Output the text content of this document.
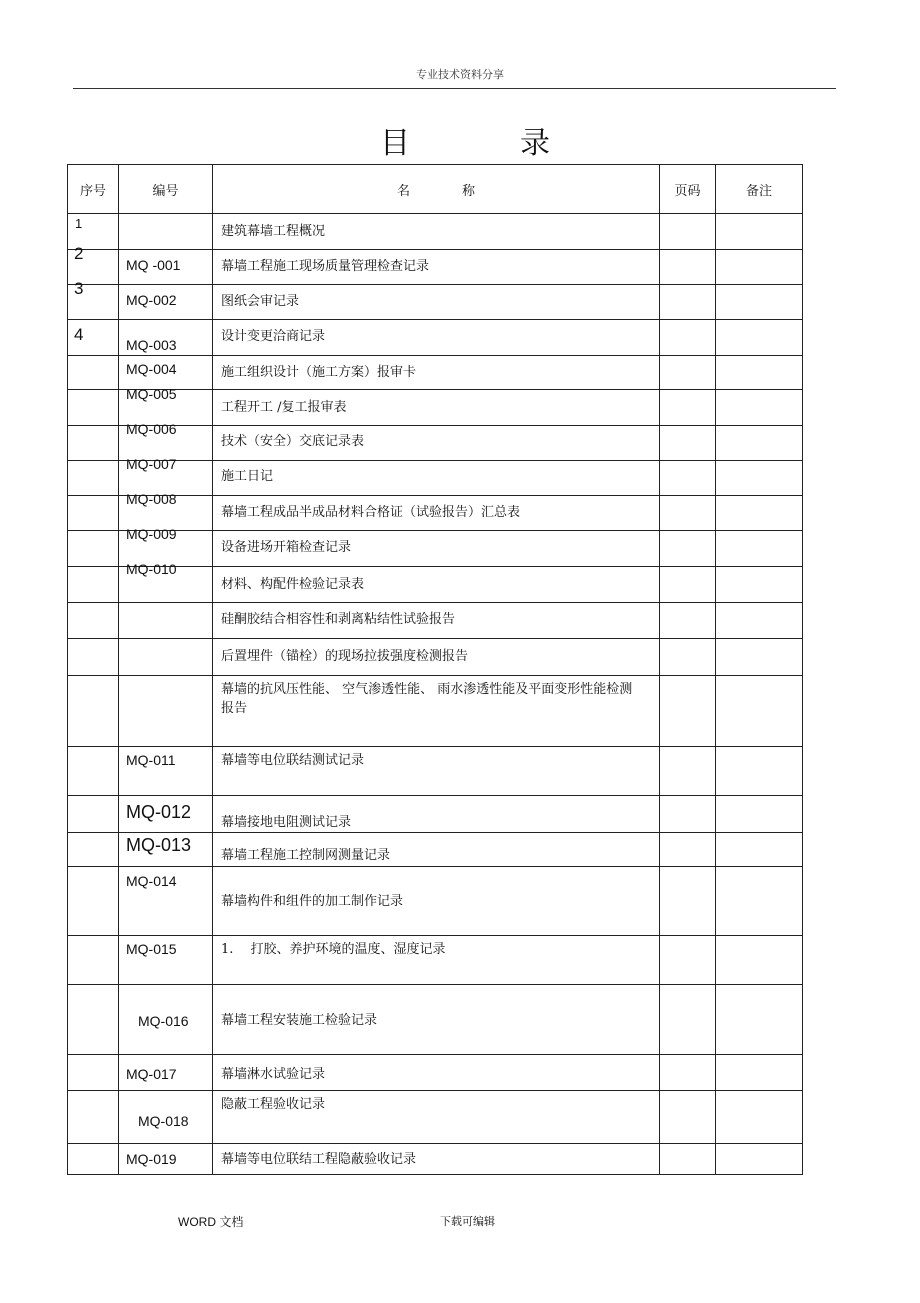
专业技术资料分享
目	录
序号	编号	名 称	页码	备注

1		建筑幕墙工程概况		

2	MQ -001	幕墙工程施工现场质量管理检查记录		

3	MQ-002	图纸会审记录		

4	MQ-003	设计变更洽商记录		

	MQ-004	施工组织设计（施工方案）报审卡		

	MQ-005	工程开工 /复工报审表		

	MQ-006	技术（安全）交底记录表		

	MQ-007	施工日记		

	MQ-008	幕墙工程成品半成品材料合格证（试验报告）汇总表		

	MQ-009	设备进场开箱检查记录		

	MQ-010	材料、构配件检验记录表		

		硅酮胶结合相容性和剥离粘结性试验报告		

		后置埋件（锚栓）的现场拉拔强度检测报告		

		幕墙的抗风压性能、 空气渗透性能、 雨水渗透性能及平面变形性能检测报告		

	MQ-011	幕墙等电位联结测试记录		

	MQ-012	幕墙接地电阻测试记录		

	MQ-013	幕墙工程施工控制网测量记录		

	MQ-014	幕墙构件和组件的加工制作记录		

	MQ-015	1.　 打胶、养护环境的温度、湿度记录		

	MQ-016	幕墙工程安装施工检验记录		

	MQ-017	幕墙淋水试验记录		

	MQ-018	隐蔽工程验收记录		

	MQ-019	幕墙等电位联结工程隐蔽验收记录		

WORD 文档	下载可编辑
